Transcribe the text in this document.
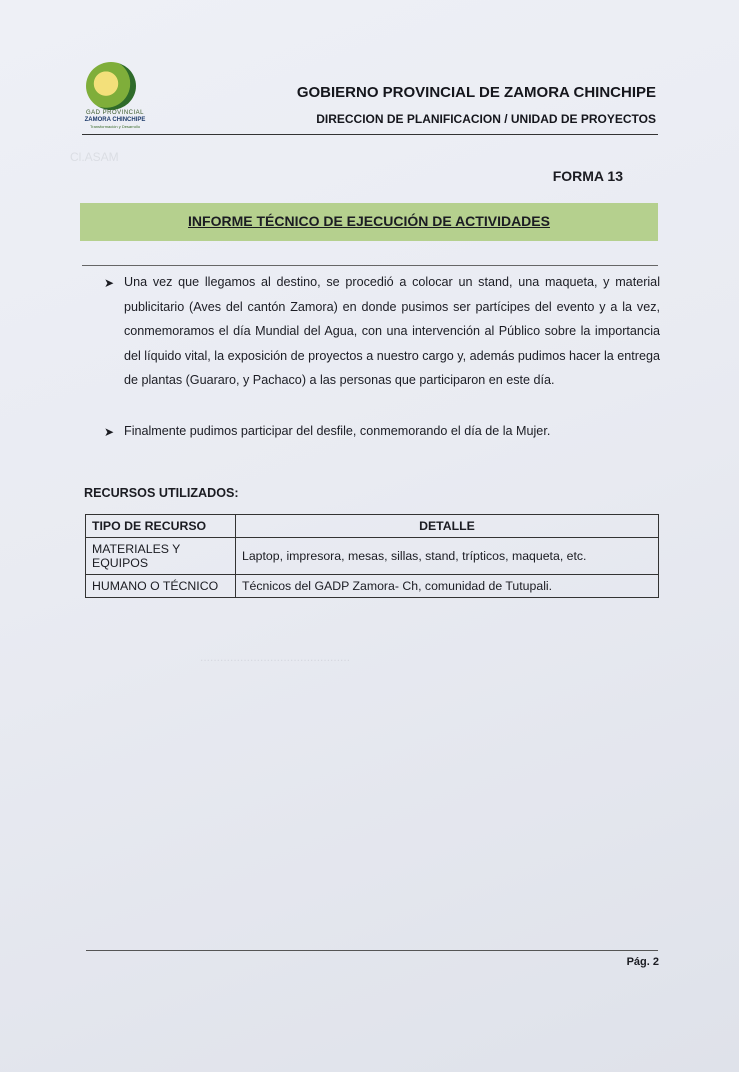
Cl.ASAM
.............................................
GAD PROVINCIAL
ZAMORA CHINCHIPE
Transformación y Desarrollo
GOBIERNO PROVINCIAL DE ZAMORA CHINCHIPE
DIRECCION DE PLANIFICACION / UNIDAD DE PROYECTOS
FORMA 13
INFORME TÉCNICO DE EJECUCIÓN DE ACTIVIDADES
➤ Una vez que llegamos al destino, se procedió a colocar un stand, una maqueta, y material publicitario (Aves del cantón Zamora) en donde pusimos ser partícipes del evento y a la vez, conmemoramos el día Mundial del Agua, con una intervención al Público sobre la importancia del líquido vital, la exposición de proyectos a nuestro cargo y, además pudimos hacer la entrega de plantas (Guararo, y Pachaco) a las personas que participaron en este día.
➤ Finalmente pudimos participar del desfile, conmemorando el día de la Mujer.
RECURSOS UTILIZADOS:
TIPO DE RECURSO	DETALLE
MATERIALES Y EQUIPOS	Laptop, impresora, mesas, sillas, stand, trípticos, maqueta, etc.
HUMANO O TÉCNICO	Técnicos del GADP Zamora- Ch, comunidad de Tutupali.
Pág. 2
